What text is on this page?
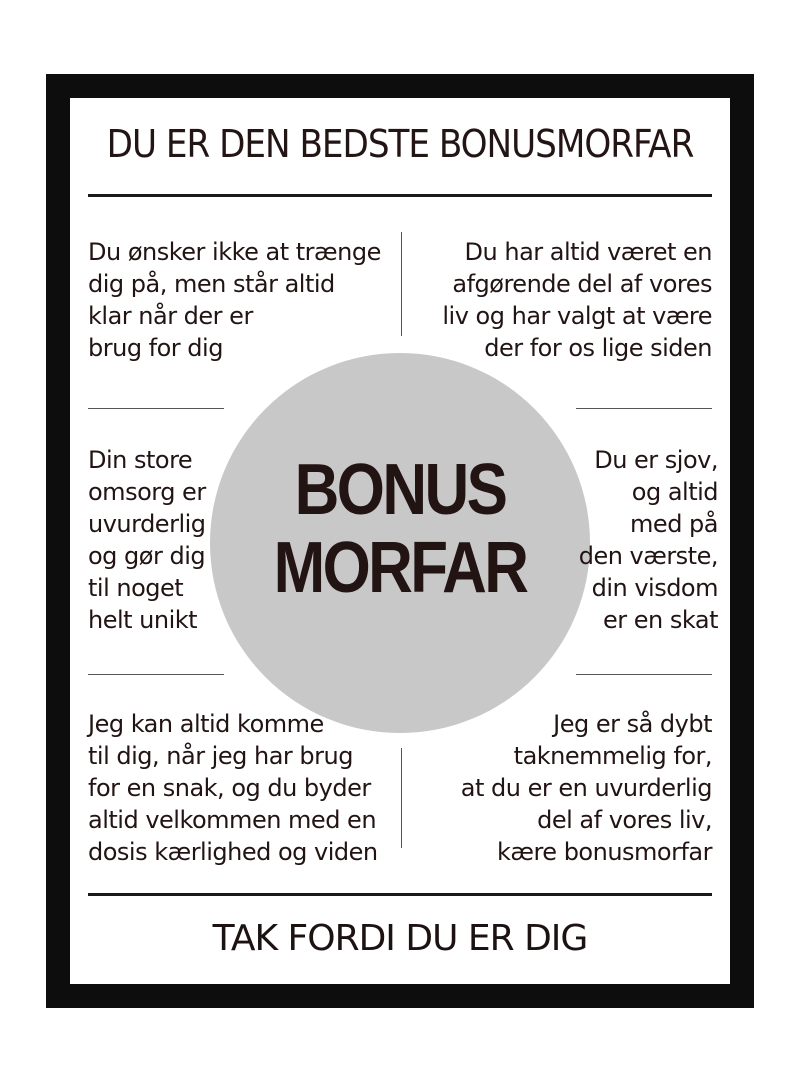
DU ER DEN BEDSTE BONUSMORFAR
BONUS
MORFAR
Du ønsker ikke at trænge
dig på, men står altid
klar når der er
brug for dig
Du har altid været en
afgørende del af vores
liv og har valgt at være
der for os lige siden
Din store
omsorg er
uvurderlig
og gør dig
til noget
helt unikt
Du er sjov,
og altid
med på
den værste,
din visdom
er en skat
Jeg kan altid komme
til dig, når jeg har brug
for en snak, og du byder
altid velkommen med en
dosis kærlighed og viden
Jeg er så dybt
taknemmelig for,
at du er en uvurderlig
del af vores liv,
kære bonusmorfar
TAK FORDI DU ER DIG
